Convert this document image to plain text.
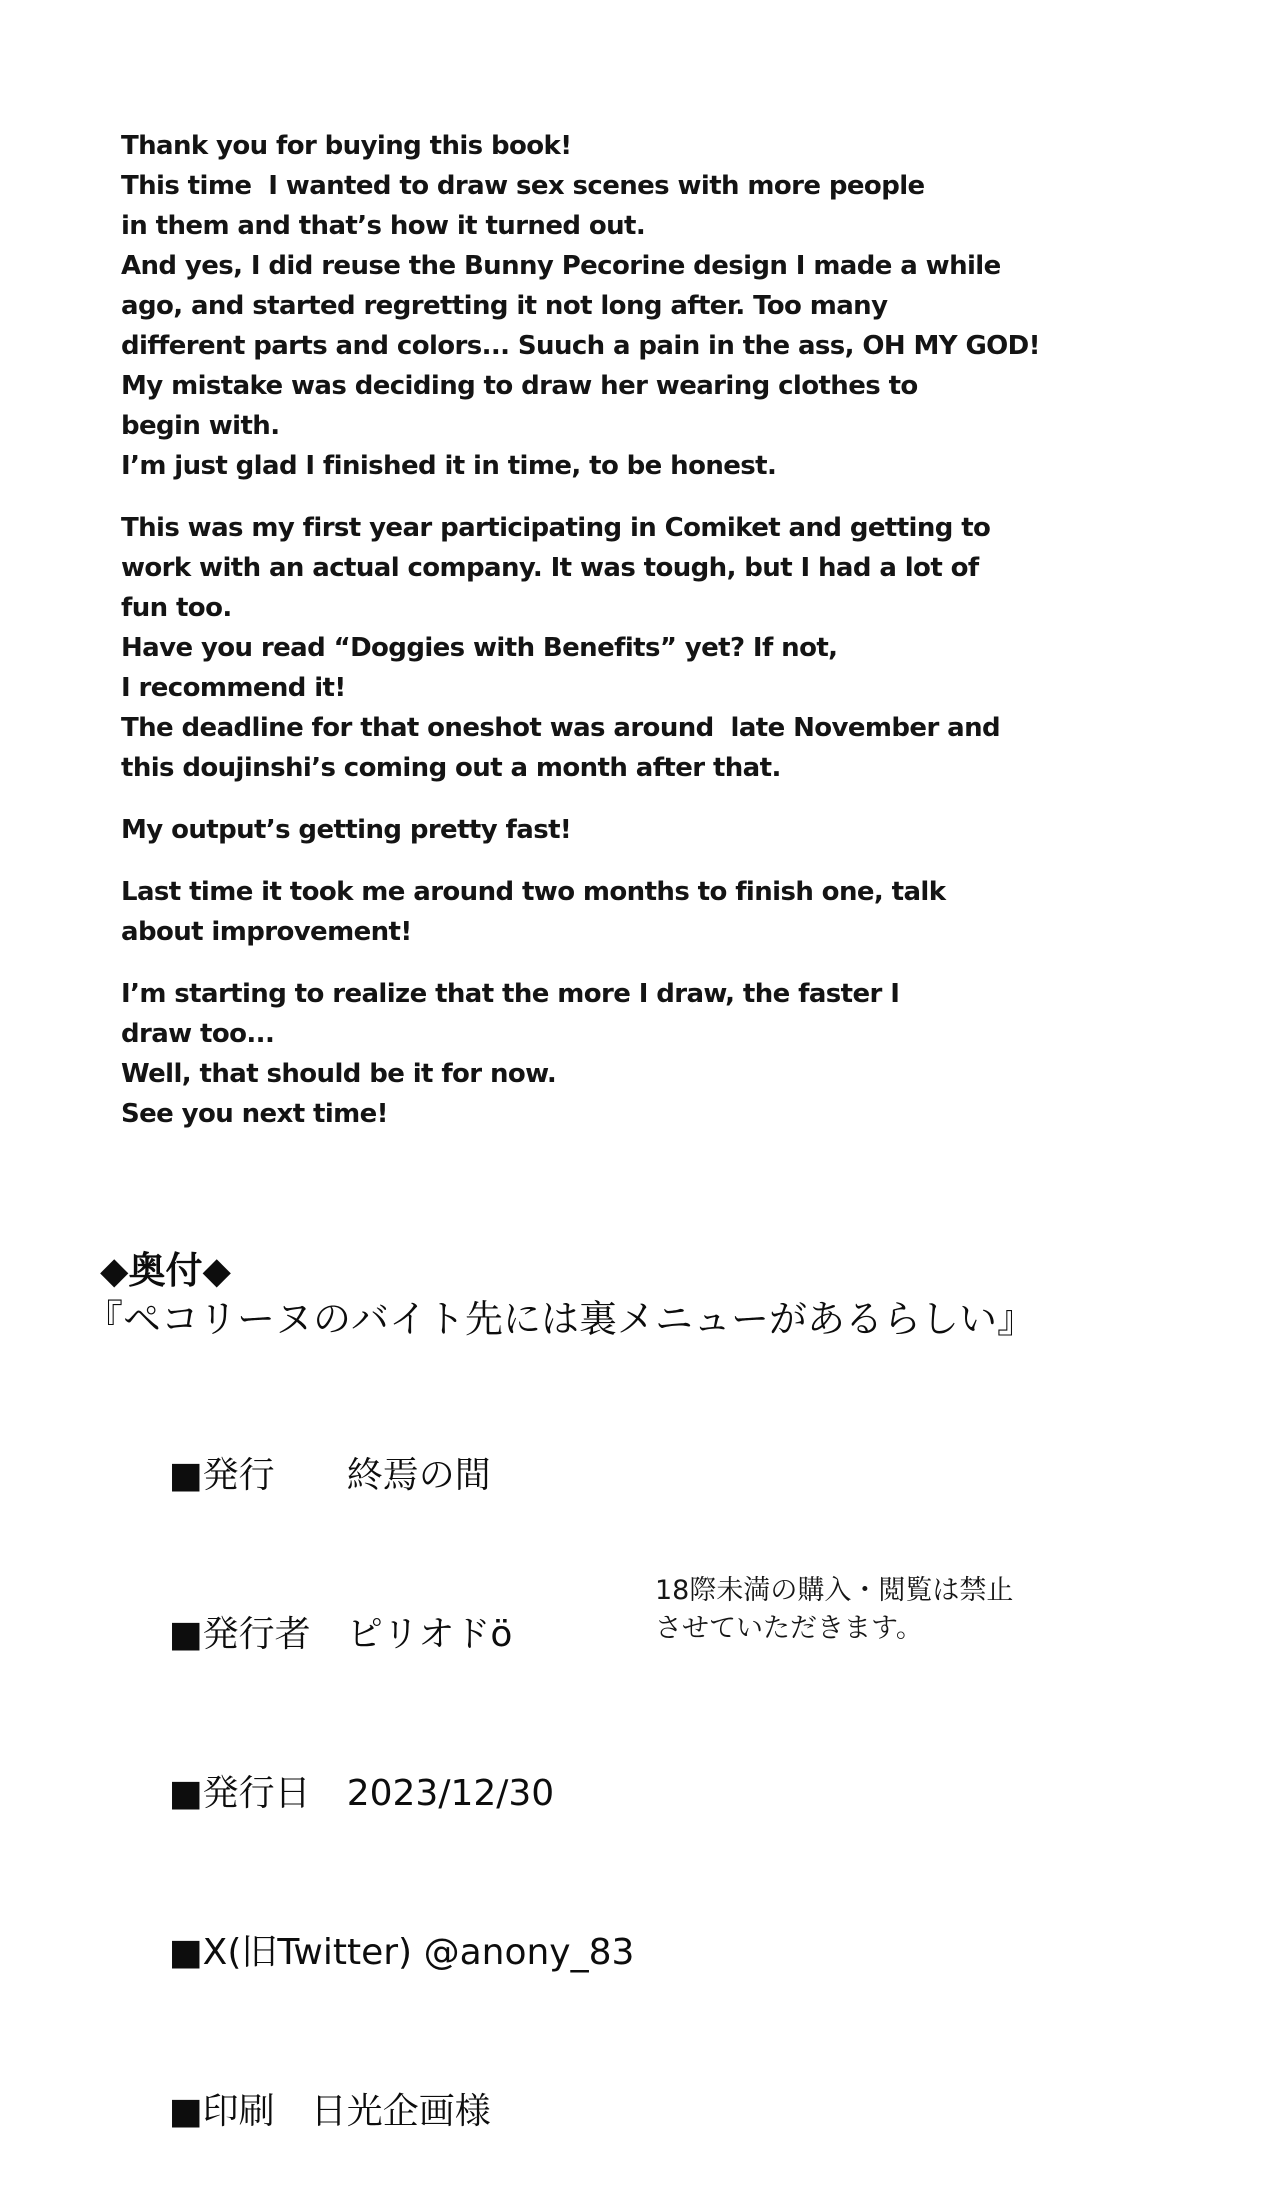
Thank you for buying this book!
This time  I wanted to draw sex scenes with more people
in them and that’s how it turned out.
And yes, I did reuse the Bunny Pecorine design I made a while
ago, and started regretting it not long after. Too many
different parts and colors... Suuch a pain in the ass, OH MY GOD!
My mistake was deciding to draw her wearing clothes to
begin with.
I’m just glad I finished it in time, to be honest.
This was my first year participating in Comiket and getting to
work with an actual company. It was tough, but I had a lot of
fun too.
Have you read “Doggies with Benefits” yet? If not,
I recommend it!
The deadline for that oneshot was around  late November and
this doujinshi’s coming out a month after that.
My output’s getting pretty fast!
Last time it took me around two months to finish one, talk
about improvement!
I’m starting to realize that the more I draw, the faster I
draw too...
Well, that should be it for now.
See you next time!
◆奥付◆
『ペコリーヌのバイト先には裏メニューがあるらしい』

■発行　　 終焉の間

■発行者　 ピリオドö

■発行日　 2023/12/30

■X(旧Twitter) @anony_83

■印刷　 日光企画様

18際未満の購入・閲覧は禁止
させていただきます。
